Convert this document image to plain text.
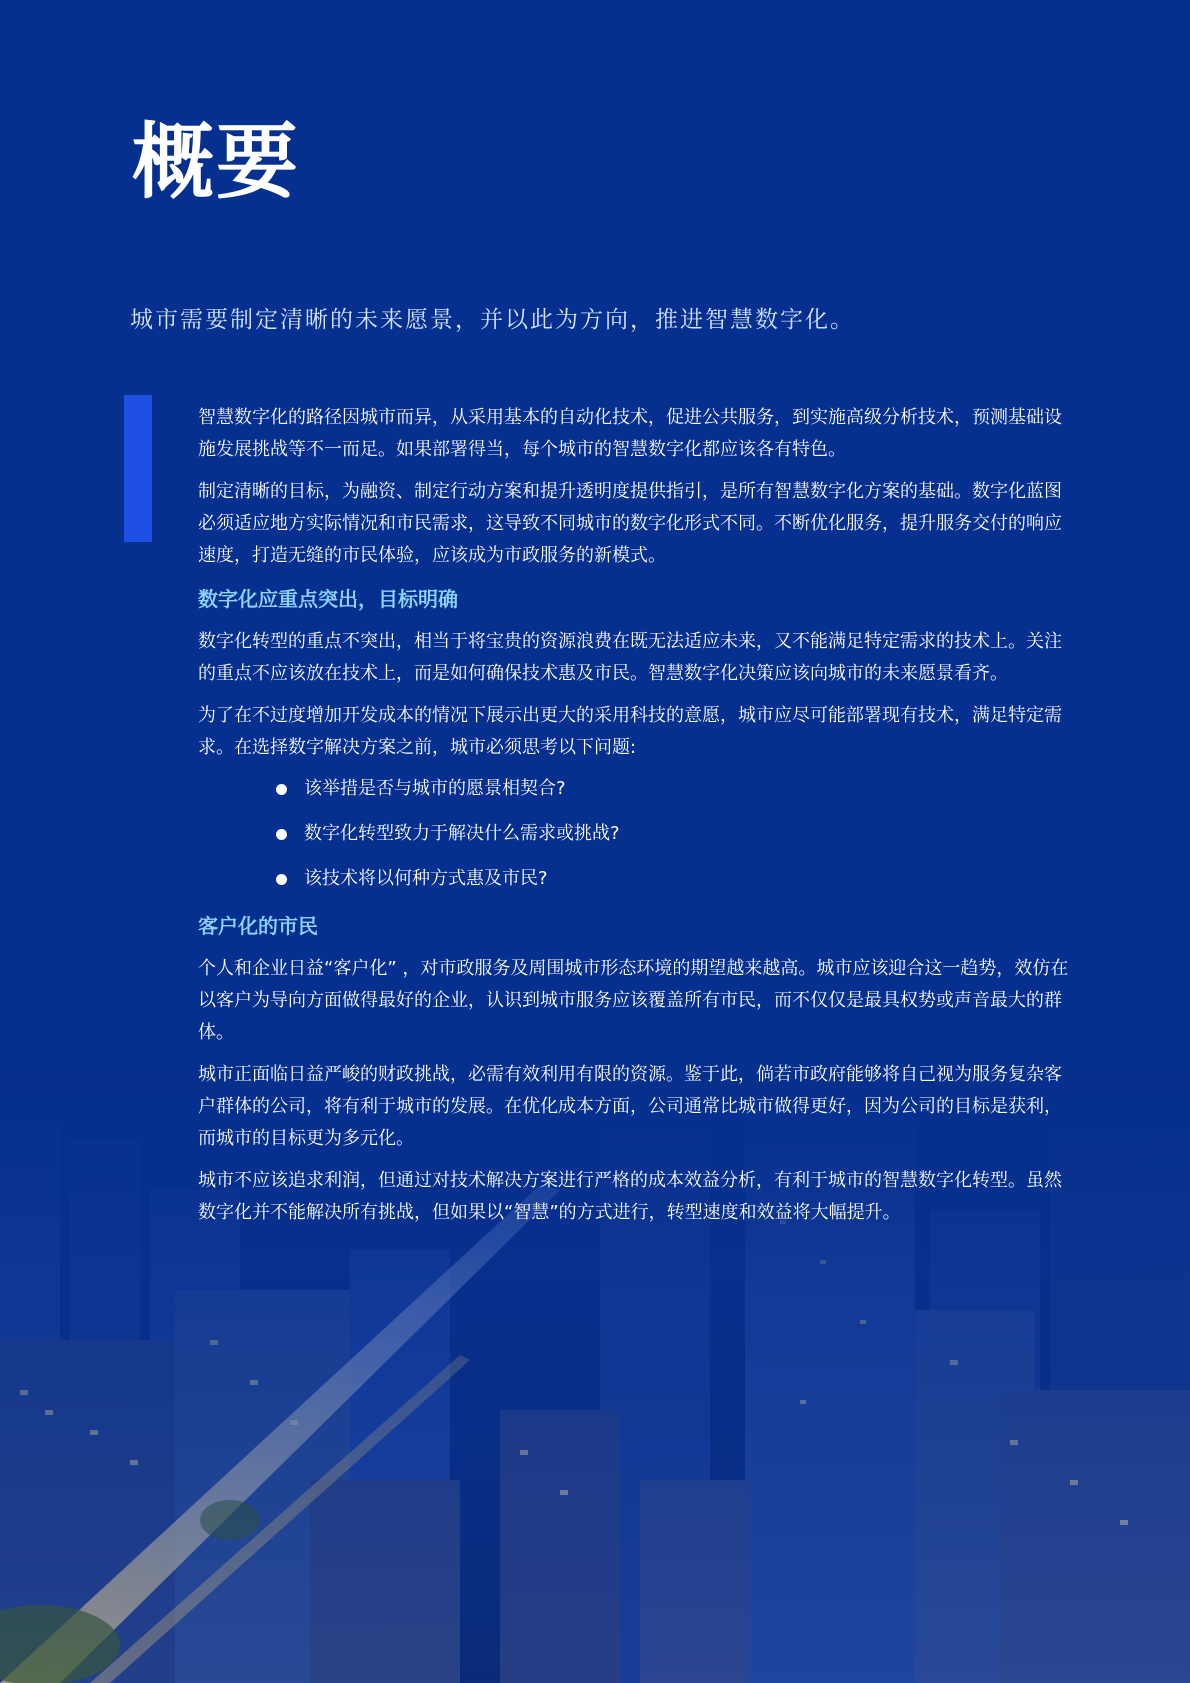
概要

城市需要制定清晰的未来愿景，并以此为方向，推进智慧数字化。

智慧数字化的路径因城市而异，从采用基本的自动化技术，促进公共服务，到实施高级分析技术，预测基础设施发展挑战等不一而足。如果部署得当，每个城市的智慧数字化都应该各有特色。

制定清晰的目标，为融资、制定行动方案和提升透明度提供指引，是所有智慧数字化方案的基础。数字化蓝图必须适应地方实际情况和市民需求，这导致不同城市的数字化形式不同。不断优化服务，提升服务交付的响应速度，打造无缝的市民体验，应该成为市政服务的新模式。

数字化应重点突出，目标明确

数字化转型的重点不突出，相当于将宝贵的资源浪费在既无法适应未来，又不能满足特定需求的技术上。关注的重点不应该放在技术上，而是如何确保技术惠及市民。智慧数字化决策应该向城市的未来愿景看齐。

为了在不过度增加开发成本的情况下展示出更大的采用科技的意愿，城市应尽可能部署现有技术，满足特定需求。在选择数字解决方案之前，城市必须思考以下问题:

该举措是否与城市的愿景相契合?
数字化转型致力于解决什么需求或挑战?
该技术将以何种方式惠及市民?
客户化的市民

个人和企业日益“客户化” ，对市政服务及周围城市形态环境的期望越来越高。城市应该迎合这一趋势，效仿在以客户为导向方面做得最好的企业，认识到城市服务应该覆盖所有市民，而不仅仅是最具权势或声音最大的群体。

城市正面临日益严峻的财政挑战，必需有效利用有限的资源。鉴于此，倘若市政府能够将自己视为服务复杂客户群体的公司，将有利于城市的发展。在优化成本方面，公司通常比城市做得更好，因为公司的目标是获利，而城市的目标更为多元化。

城市不应该追求利润，但通过对技术解决方案进行严格的成本效益分析，有利于城市的智慧数字化转型。虽然数字化并不能解决所有挑战，但如果以“智慧”的方式进行，转型速度和效益将大幅提升。
